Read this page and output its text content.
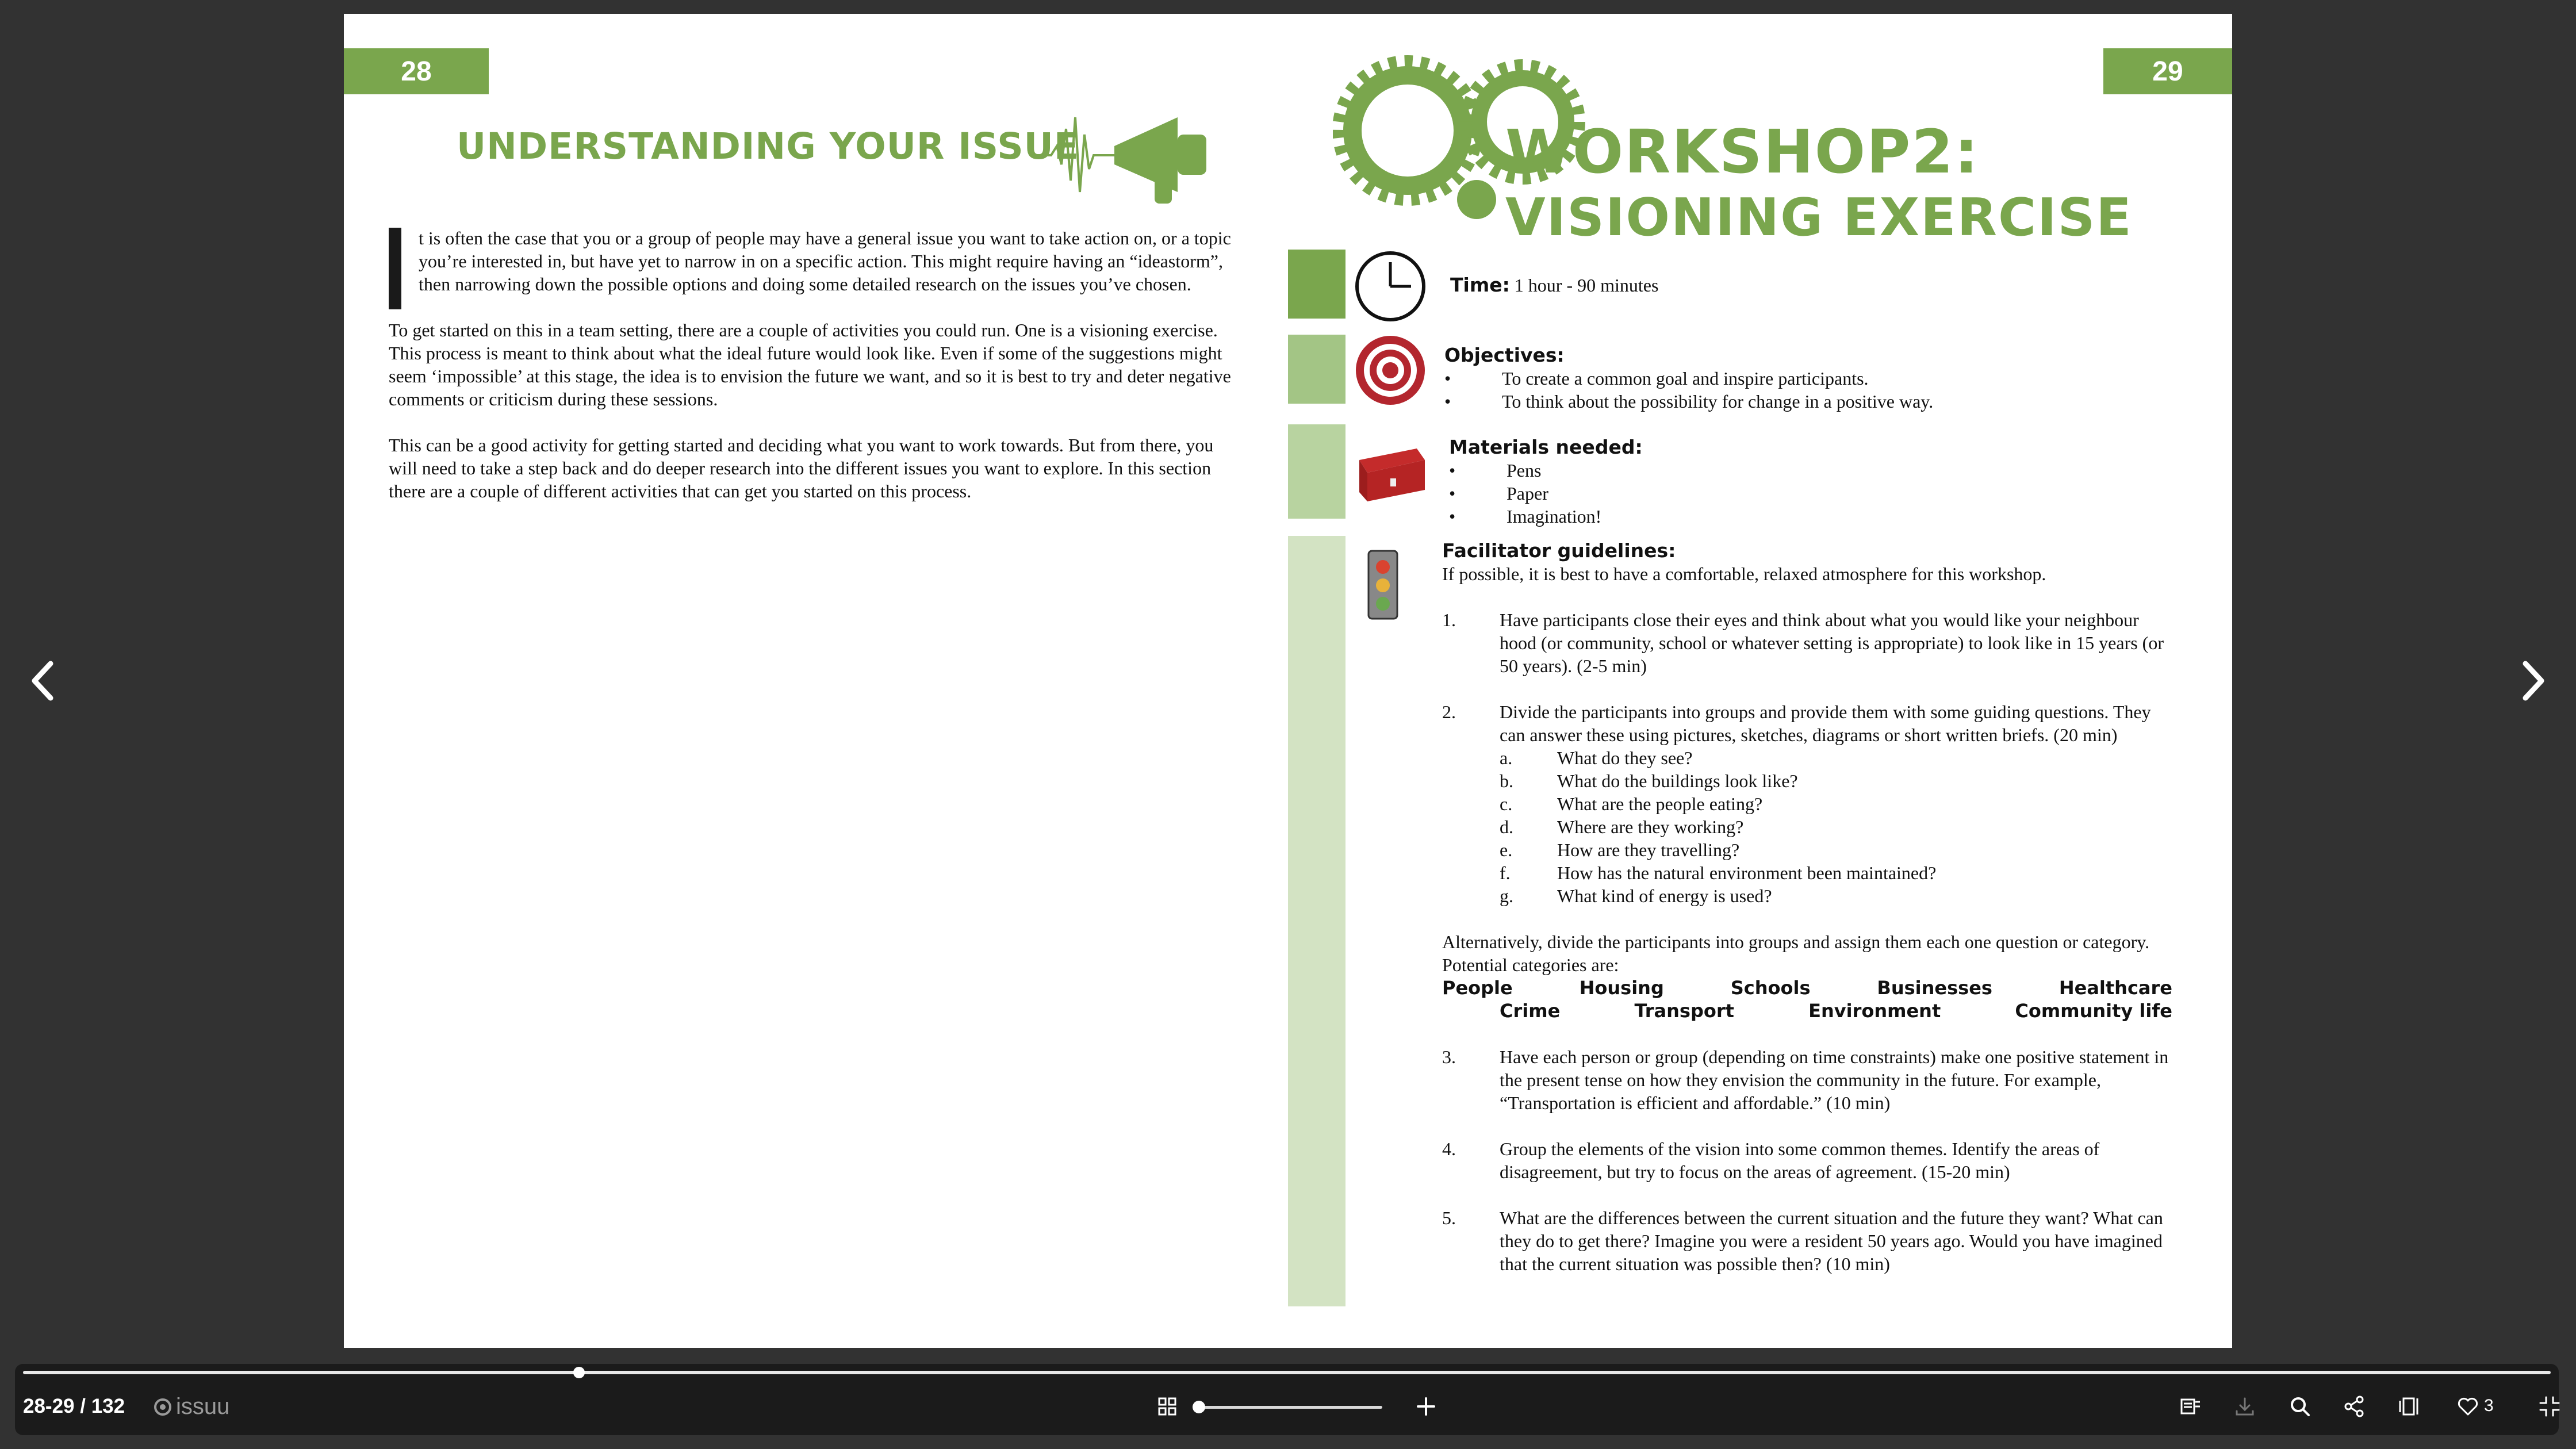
28
UNDERSTANDING YOUR ISSUE

t is often the case that you or a group of people may have a general issue you want to take action on, or a topic you’re interested in, but have yet to narrow in on a specific action. This might require having an “ideastorm”, then narrowing down the possible options and doing some detailed research on the issues you’ve chosen.

To get started on this in a team setting, there are a couple of activities you could run. One is a visioning exercise. This process is meant to think about what the ideal future would look like. Even if some of the suggestions might seem ‘impossible’ at this stage, the idea is to envision the future we want, and so it is best to try and deter negative comments or criticism during these sessions.

This can be a good activity for getting started and deciding what you want to work towards. But from there, you will need to take a step back and do deeper research into the different issues you want to explore. In this section there are a couple of different activities that can get you started on this process.

29
WORKSHOP2:
VISIONING EXERCISE
Time: 1 hour - 90 minutes
Objectives:
•	To create a common goal and inspire participants.
•	To think about the possibility for change in a positive way.
Materials needed:
•	Pens
•	Paper
•	Imagination!
Facilitator guidelines:
If possible, it is best to have a comfortable, relaxed atmosphere for this workshop.
1.	Have participants close their eyes and think about what you would like your neighbour hood (or community, school or whatever setting is appropriate) to look like in 15 years (or 50 years). (2-5 min)
2.	Divide the participants into groups and provide them with some guiding questions. They can answer these using pictures, sketches, diagrams or short written briefs. (20 min)
a.	What do they see?
b.	What do the buildings look like?
c.	What are the people eating?
d.	Where are they working?
e.	How are they travelling?
f.	How has the natural environment been maintained?
g.	What kind of energy is used?
Alternatively, divide the participants into groups and assign them each one question or category. Potential categories are:
People	Housing	Schools	Businesses	Healthcare
Crime	Transport	Environment	Community life
3.	Have each person or group (depending on time constraints) make one positive statement in the present tense on how they envision the community in the future. For example, “Transportation is efficient and affordable.” (10 min)
4.	Group the elements of the vision into some common themes. Identify the areas of disagreement, but try to focus on the areas of agreement. (15-20 min)
5.	What are the differences between the current situation and the future they want? What can they do to get there? Imagine you were a resident 50 years ago. Would you have imagined that the current situation was possible then? (10 min)
28-29 / 132 issuu	3
